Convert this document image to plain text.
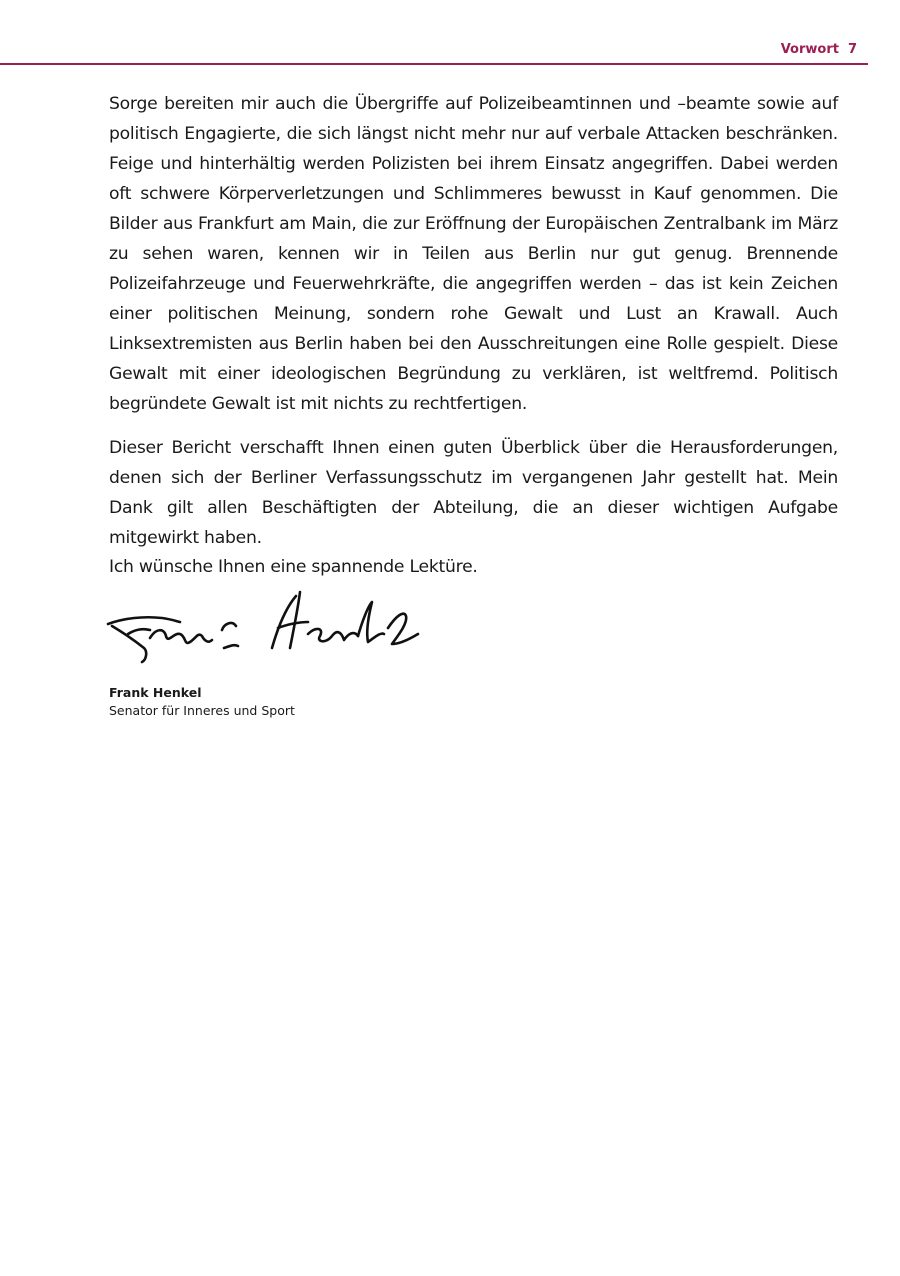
Vorwort 7

Sorge bereiten mir auch die Übergriffe auf Polizeibeamtinnen und –beamte sowie auf politisch Engagierte, die sich längst nicht mehr nur auf verbale Attacken beschränken. Feige und hinterhältig werden Polizisten bei ihrem Einsatz angegriffen. Dabei werden oft schwere Körperverletzungen und Schlimmeres bewusst in Kauf genommen. Die Bilder aus Frankfurt am Main, die zur Eröffnung der Europäischen Zentralbank im März zu sehen waren, kennen wir in Teilen aus Berlin nur gut genug. Brennende Polizeifahrzeuge und Feuerwehrkräfte, die angegriffen werden – das ist kein Zeichen einer politischen Meinung, sondern rohe Gewalt und Lust an Krawall. Auch Linksextremisten aus Berlin haben bei den Ausschreitungen eine Rolle gespielt. Diese Gewalt mit einer ideologischen Begründung zu verklären, ist weltfremd. Politisch begründete Gewalt ist mit nichts zu rechtfertigen.

Dieser Bericht verschafft Ihnen einen guten Überblick über die Herausforderungen, denen sich der Berliner Verfassungsschutz im vergangenen Jahr gestellt hat. Mein Dank gilt allen Beschäftigten der Abteilung, die an dieser wichtigen Aufgabe mitgewirkt haben.

Ich wünsche Ihnen eine spannende Lektüre.
Frank Henkel
Senator für Inneres und Sport
